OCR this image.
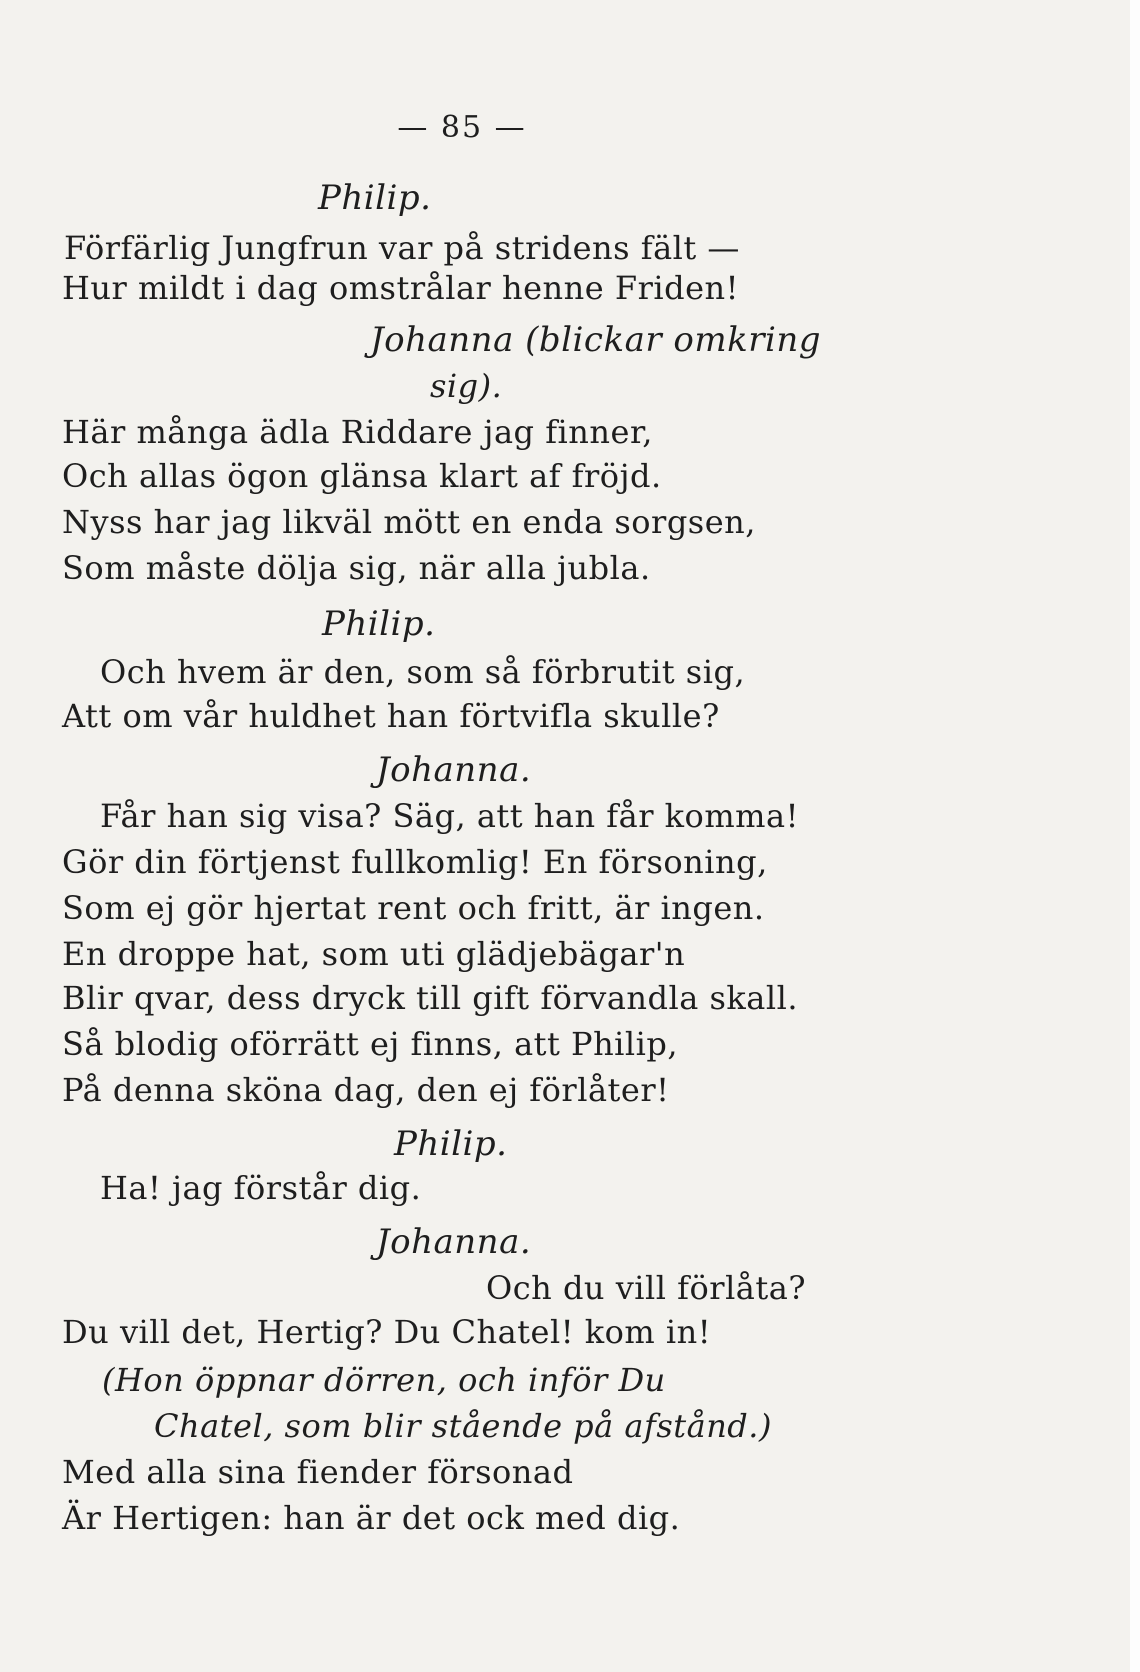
— 85 —
Philip.
Förfärlig Jungfrun var på stridens fält —
Hur mildt i dag omstrålar henne Friden!
Johanna (blickar omkring
sig).
Här många ädla Riddare jag finner,
Och allas ögon glänsa klart af fröjd.
Nyss har jag likväl mött en enda sorgsen,
Som måste dölja sig, när alla jubla.
Philip.
Och hvem är den, som så förbrutit sig,
Att om vår huldhet han förtvifla skulle?
Johanna.
Får han sig visa? Säg, att han får komma!
Gör din förtjenst fullkomlig! En försoning,
Som ej gör hjertat rent och fritt, är ingen.
En droppe hat, som uti glädjebägar'n
Blir qvar, dess dryck till gift förvandla skall.
Så blodig oförrätt ej finns, att Philip,
På denna sköna dag, den ej förlåter!
Philip.
Ha! jag förstår dig.
Johanna.
Och du vill förlåta?
Du vill det, Hertig? Du Chatel! kom in!
(Hon öppnar dörren, och inför Du
Chatel, som blir stående på afstånd.)
Med alla sina fiender försonad
Är Hertigen: han är det ock med dig.
